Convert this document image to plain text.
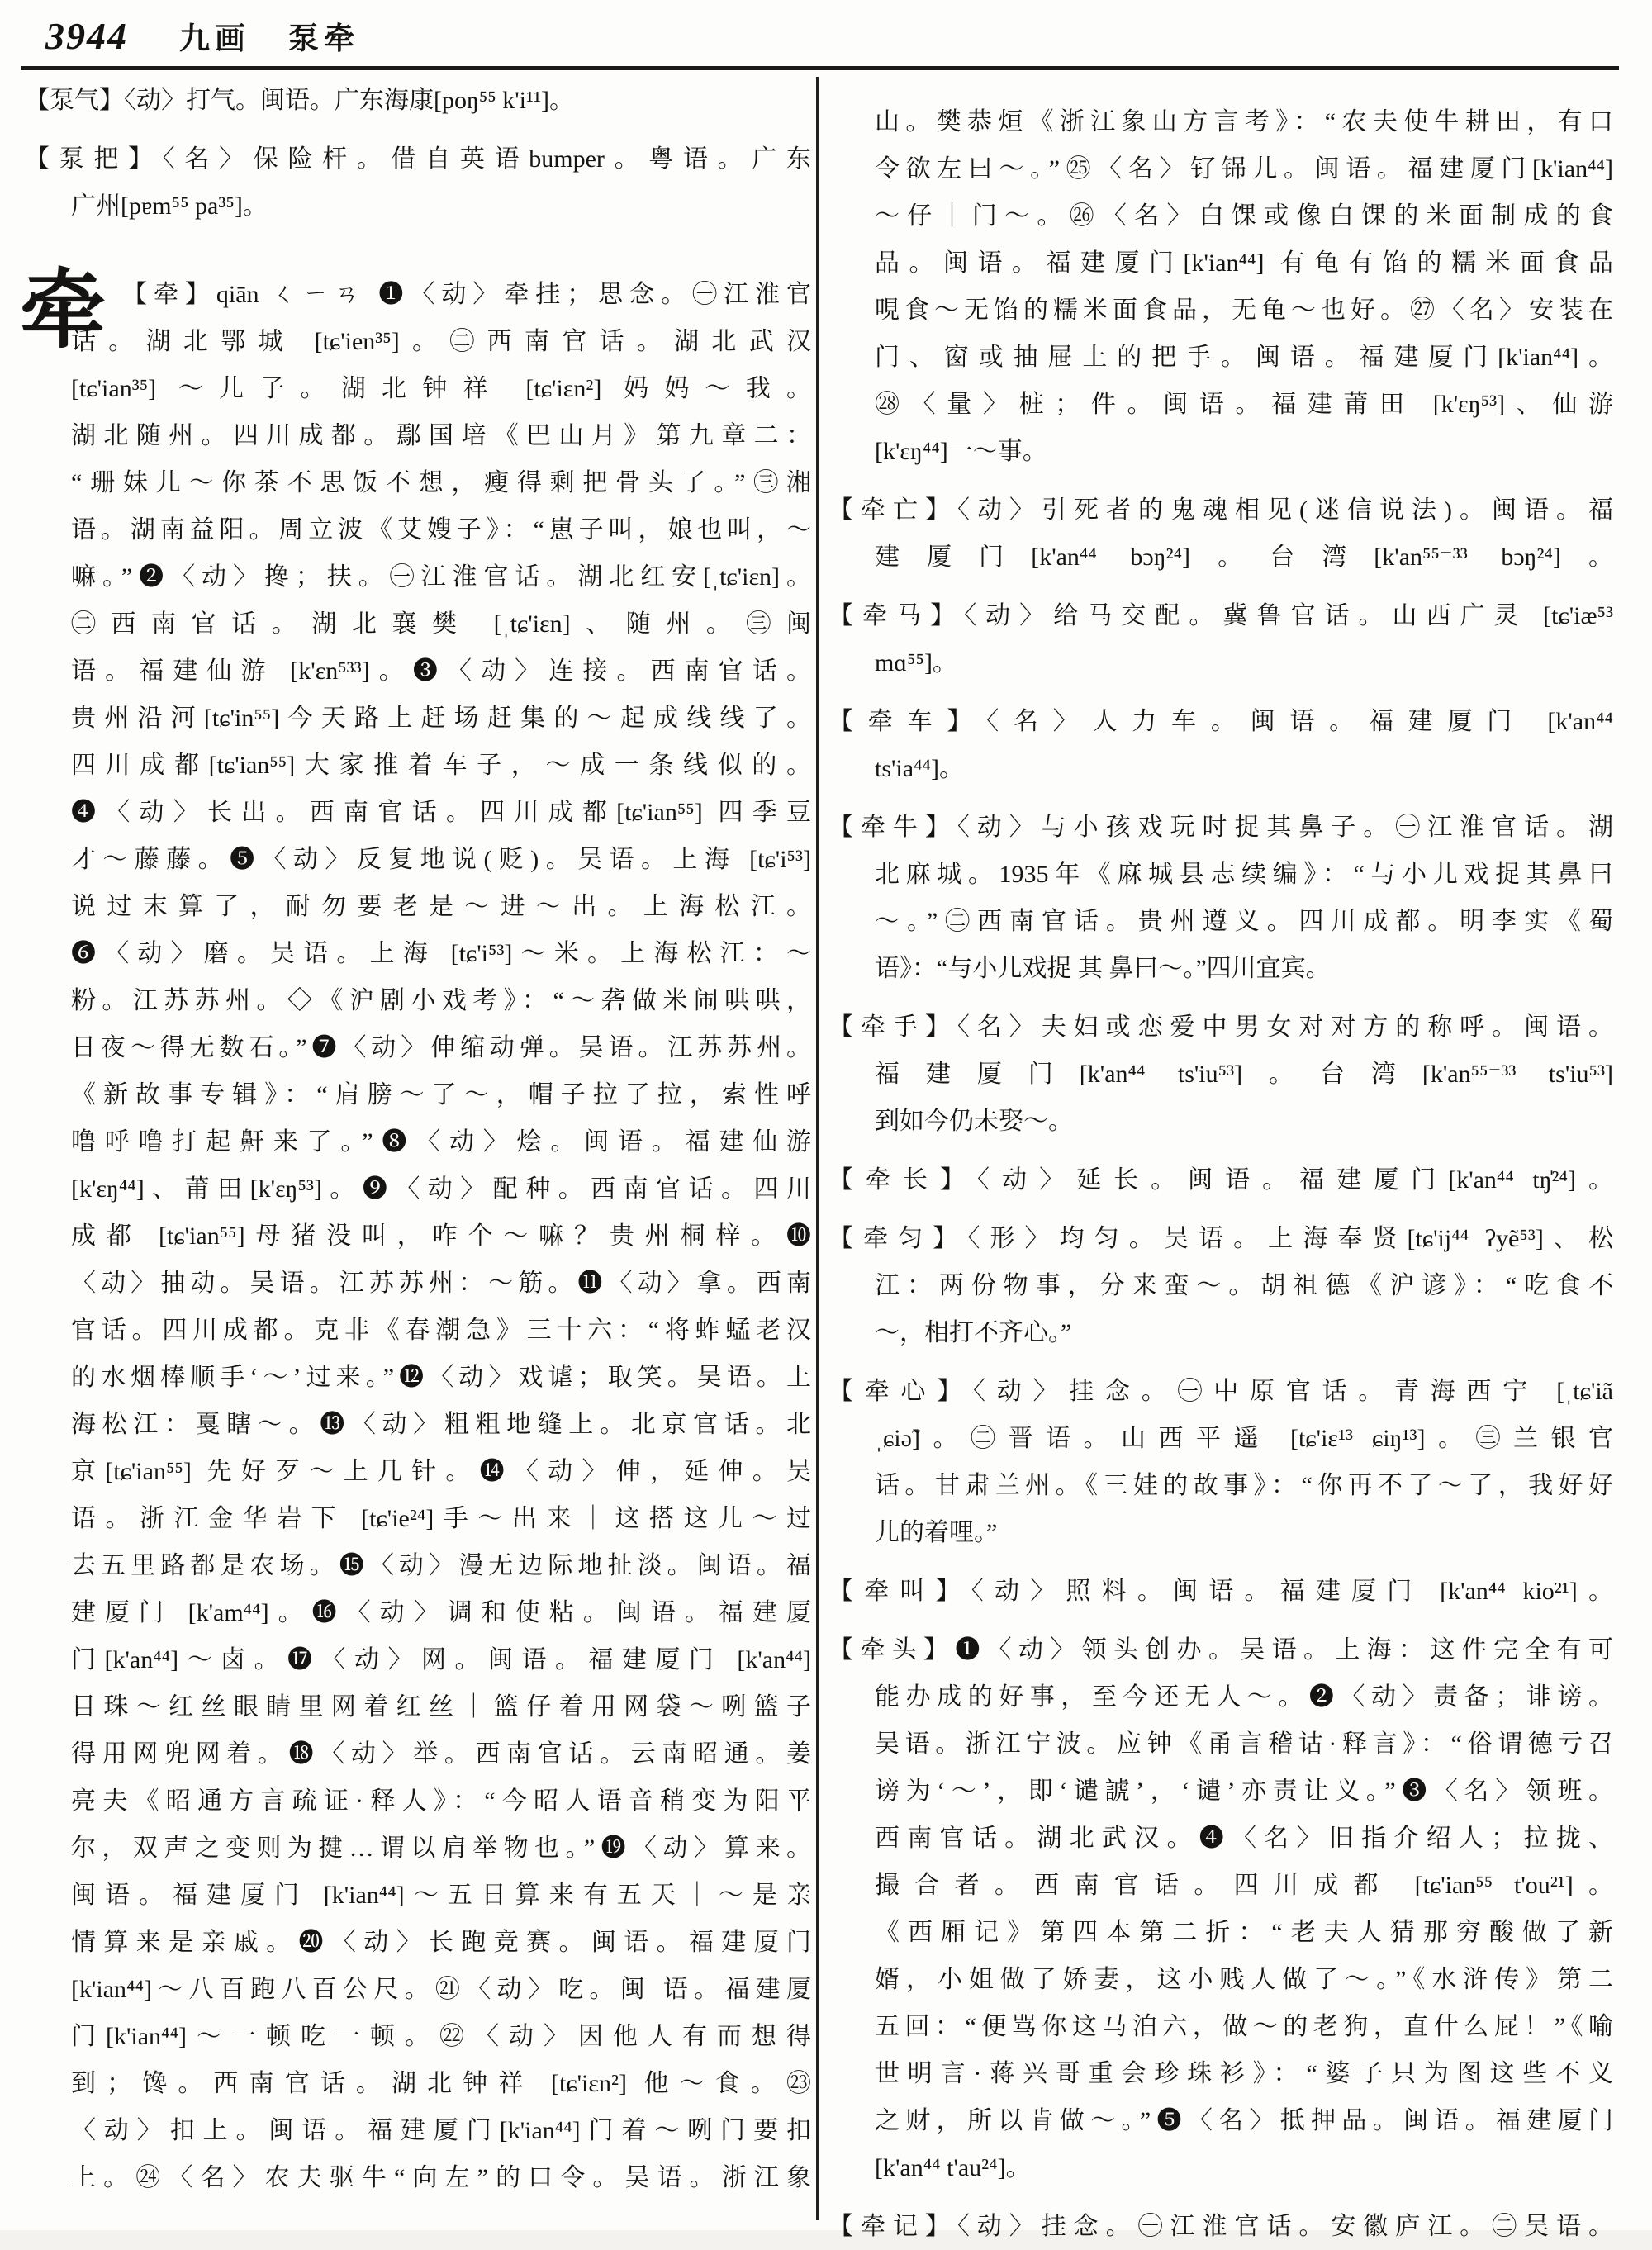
3944 九画 泵牵
牵
【泵气】〈动〉打气。闽语。广东海康[poŋ⁵⁵ k'i¹¹]。
【泵把】〈名〉保险杆。借自英语bumper。粤语。广东
广州[pɐm⁵⁵ pa³⁵]。
【牵】qiān ㄑㄧㄢ ❶〈动〉牵挂；思念。㊀江淮官
话。湖北鄂城 [tɕ'ien³⁵]。㊁西南官话。湖北武汉
[tɕ'ian³⁵] ～儿子。湖北钟祥 [tɕ'iɛn²] 妈妈～我。
湖北随州。四川成都。鄢国培《巴山月》第九章二：
“珊妹儿～你茶不思饭不想，瘦得剩把骨头了。”㊂湘
语。湖南益阳。周立波《艾嫂子》：“崽子叫，娘也叫，～
嘛。”❷〈动〉搀；扶。㊀江淮官话。湖北红安[ˌtɕ'iɛn]。
㊁西南官话。湖北襄樊 [ˌtɕ'iɛn]、随州。㊂闽
语。福建仙游 [k'ɛn⁵³³]。❸〈动〉连接。西南官话。
贵州沿河[tɕ'in⁵⁵]今天路上赶场赶集的～起成线线了。
四川成都[tɕ'ian⁵⁵]大家推着车子，～成一条线似的。
❹〈动〉长出。西南官话。四川成都[tɕ'ian⁵⁵] 四季豆
才～藤藤。❺〈动〉反复地说(贬)。吴语。上海 [tɕ'i⁵³]
说过末算了，耐勿要老是～进～出。上海松江。
❻〈动〉磨。吴语。上海 [tɕ'i⁵³]～米。上海松江：～
粉。江苏苏州。◇《沪剧小戏考》：“～砻做米闹哄哄，
日夜～得无数石。”❼〈动〉伸缩动弹。吴语。江苏苏州。
《新故事专辑》：“肩膀～了～，帽子拉了拉，索性呼
噜呼噜打起鼾来了。”❽〈动〉烩。闽语。福建仙游
[k'ɛŋ⁴⁴]、莆田[k'ɛŋ⁵³]。❾〈动〉配种。西南官话。四川
成都 [tɕ'ian⁵⁵]母猪没叫，咋个～嘛？贵州桐梓。❿
〈动〉抽动。吴语。江苏苏州：～筋。⓫〈动〉拿。西南
官话。四川成都。克非《春潮急》三十六：“将蚱蜢老汉
的水烟棒顺手‘～’过来。”⓬〈动〉戏谑；取笑。吴语。上
海松江：戛瞎～。⓭〈动〉粗粗地缝上。北京官话。北
京[tɕ'ian⁵⁵] 先好歹～上几针。⓮〈动〉伸，延伸。吴
语。浙江金华岩下 [tɕ'ie²⁴]手～出来｜这搭这儿～过
去五里路都是农场。⓯〈动〉漫无边际地扯淡。闽语。福
建厦门 [k'am⁴⁴]。⓰〈动〉调和使粘。闽语。福建厦
门[k'an⁴⁴]～卤。⓱〈动〉网。闽语。福建厦门 [k'an⁴⁴]
目珠～红丝眼睛里网着红丝｜篮仔着用网袋～咧篮子
得用网兜网着。⓲〈动〉举。西南官话。云南昭通。姜
亮夫《昭通方言疏证·释人》：“今昭人语音稍变为阳平
尔，双声之变则为揵…谓以肩举物也。”⓳〈动〉算来。
闽语。福建厦门 [k'ian⁴⁴]～五日算来有五天｜～是亲
情算来是亲戚。⓴〈动〉长跑竞赛。闽语。福建厦门
[k'ian⁴⁴]～八百跑八百公尺。㉑〈动〉吃。闽 语。福建厦
门[k'ian⁴⁴]～一顿吃一顿。㉒〈动〉因他人有而想得
到；馋。西南官话。湖北钟祥 [tɕ'iɛn²] 他～食。㉓
〈动〉扣上。闽语。福建厦门[k'ian⁴⁴]门着～咧门要扣
上。㉔〈名〉农夫驱牛“向左”的口令。吴语。浙江象
山。樊恭烜《浙江象山方言考》：“农夫使牛耕田，有口
令欲左曰～。”㉕〈名〉钌铞儿。闽语。福建厦门[k'ian⁴⁴]
～仔｜门～。㉖〈名〉白馃或像白馃的米面制成的食
品。闽语。福建厦门[k'ian⁴⁴] 有龟有馅的糯米面食品
哯食～无馅的糯米面食品，无龟～也好。㉗〈名〉安装在
门、窗或抽屉上的把手。闽语。福建厦门[k'ian⁴⁴]。
㉘〈量〉桩；件。闽语。福建莆田 [k'ɛŋ⁵³]、仙游
[k'ɛŋ⁴⁴]一～事。
【牵亡】〈动〉引死者的鬼魂相见(迷信说法)。闽语。福
建厦门[k'an⁴⁴ bɔŋ²⁴]。台湾[k'an⁵⁵⁻³³ bɔŋ²⁴]。
【牵马】〈动〉给马交配。冀鲁官话。山西广灵 [tɕ'iæ⁵³
mɑ⁵⁵]。
【牵车】〈名〉人力车。闽语。福建厦门 [k'an⁴⁴
ts'ia⁴⁴]。
【牵牛】〈动〉与小孩戏玩时捉其鼻子。㊀江淮官话。湖
北麻城。1935年《麻城县志续编》：“与小儿戏捉其鼻曰
～。”㊁西南官话。贵州遵义。四川成都。明李实《蜀
语》：“与小儿戏捉 其 鼻曰～。”四川宜宾。
【牵手】〈名〉夫妇或恋爱中男女对对方的称呼。闽语。
福建厦门[k'an⁴⁴ ts'iu⁵³]。台湾[k'an⁵⁵⁻³³ ts'iu⁵³]
到如今仍未娶～。
【牵长】〈动〉延长。闽语。福建厦门[k'an⁴⁴ tŋ̍²⁴]。
【牵匀】〈形〉均匀。吴语。上海奉贤[tɕ'ij⁴⁴ ʔyẽ⁵³]、松
江：两份物事，分来蛮～。胡祖德《沪谚》：“吃食不
～，相打不齐心。”
【牵心】〈动〉挂念。㊀中原官话。青海西宁 [ˌtɕ'iã
ˌɕiə̃]。㊁晋语。山西平遥 [tɕ'iɛ¹³ ɕiŋ¹³]。㊂兰银官
话。甘肃兰州。《三娃的故事》：“你再不了～了，我好好
儿的着哩。”
【牵叫】〈动〉照料。闽语。福建厦门 [k'an⁴⁴ kio²¹]。
【牵头】❶〈动〉领头创办。吴语。上海：这件完全有可
能办成的好事，至今还无人～。❷〈动〉责备；诽谤。
吴语。浙江宁波。应钟《甬言稽诂·释言》：“俗谓德亏召
谤为‘～’，即‘谴諕’，‘谴’亦责让义。”❸〈名〉领班。
西南官话。湖北武汉。❹〈名〉旧指介绍人；拉拢、
撮合者。西南官话。四川成都 [tɕ'ian⁵⁵ t'ou²¹]。
《西厢记》第四本第二折：“老夫人猜那穷酸做了新
婿，小姐做了娇妻，这小贱人做了～。”《水浒传》第二
五回：“便骂你这马泊六，做～的老狗，直什么屁！”《喻
世明言·蒋兴哥重会珍珠衫》：“婆子只为图这些不义
之财，所以肯做～。”❺〈名〉抵押品。闽语。福建厦门
[k'an⁴⁴ t'au²⁴]。
【牵记】〈动〉挂念。㊀江淮官话。安徽庐江。㊁吴语。
